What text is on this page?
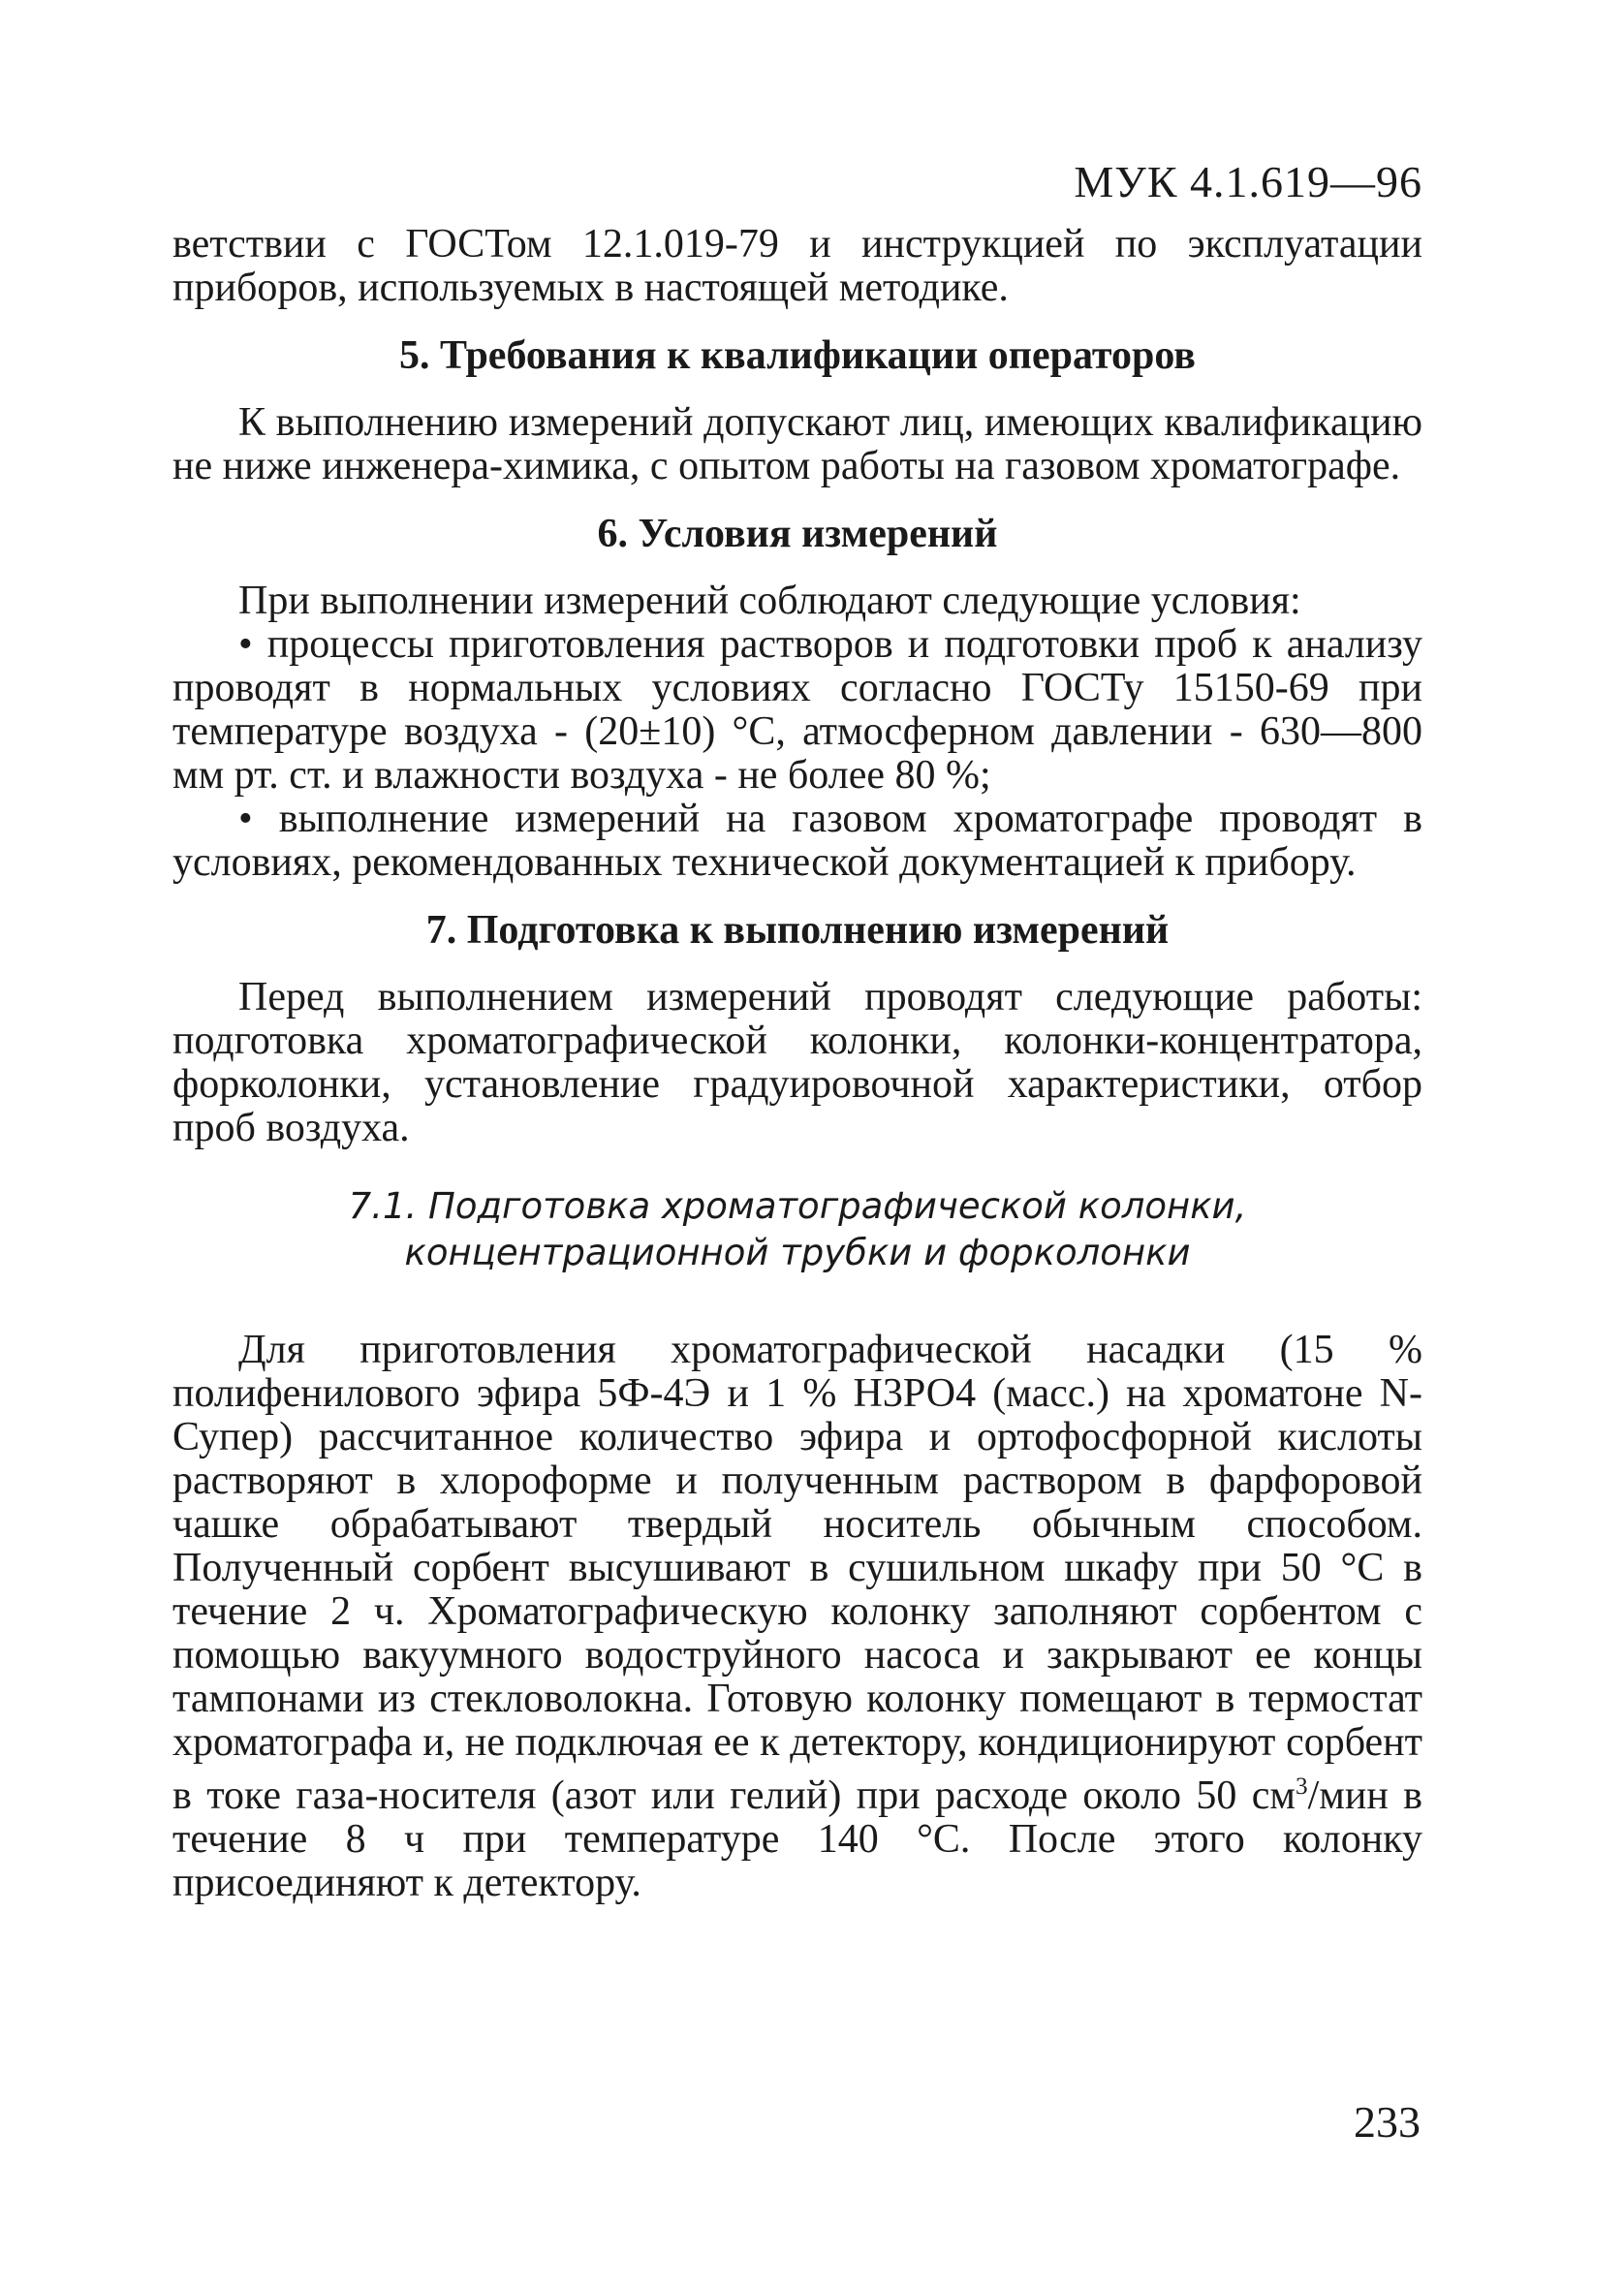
МУК 4.1.619—96

ветствии с ГОСТом 12.1.019-79 и инструкцией по эксплуатации приборов, используемых в настоящей методике.

5. Требования к квалификации операторов

К выполнению измерений допускают лиц, имеющих квалификацию не ниже инженера-химика, с опытом работы на газовом хроматографе.

6. Условия измерений

При выполнении измерений соблюдают следующие условия:

• процессы приготовления растворов и подготовки проб к анализу проводят в нормальных условиях согласно ГОСТу 15150-69 при температуре воздуха - (20±10) °С, атмосферном давлении - 630—800 мм рт. ст. и влажности воздуха - не более 80 %;

• выполнение измерений на газовом хроматографе проводят в условиях, рекомендованных технической документацией к прибору.

7. Подготовка к выполнению измерений

Перед выполнением измерений проводят следующие работы: подготовка хроматографической колонки, колонки-концентратора, форколонки, установление градуировочной характеристики, отбор проб воздуха.

7.1. Подготовка хроматографической колонки,
концентрационной трубки и форколонки

Для приготовления хроматографической насадки (15 % полифенилового эфира 5Ф-4Э и 1 % Н3РО4 (масс.) на хроматоне N-Супер) рассчитанное количество эфира и ортофосфорной кислоты растворяют в хлороформе и полученным раствором в фарфоровой чашке обрабатывают твердый носитель обычным способом. Полученный сорбент высушивают в сушильном шкафу при 50 °С в течение 2 ч. Хроматографическую колонку заполняют сорбентом с помощью вакуумного водоструйного насоса и закрывают ее концы тампонами из стекловолокна. Готовую колонку помещают в термостат хроматографа и, не подключая ее к детектору, кондиционируют сорбент в токе газа-носителя (азот или гелий) при расходе около 50 $см^3$/мин в течение 8 ч при температуре 140 °С. После этого колонку присоединяют к детектору.

233
